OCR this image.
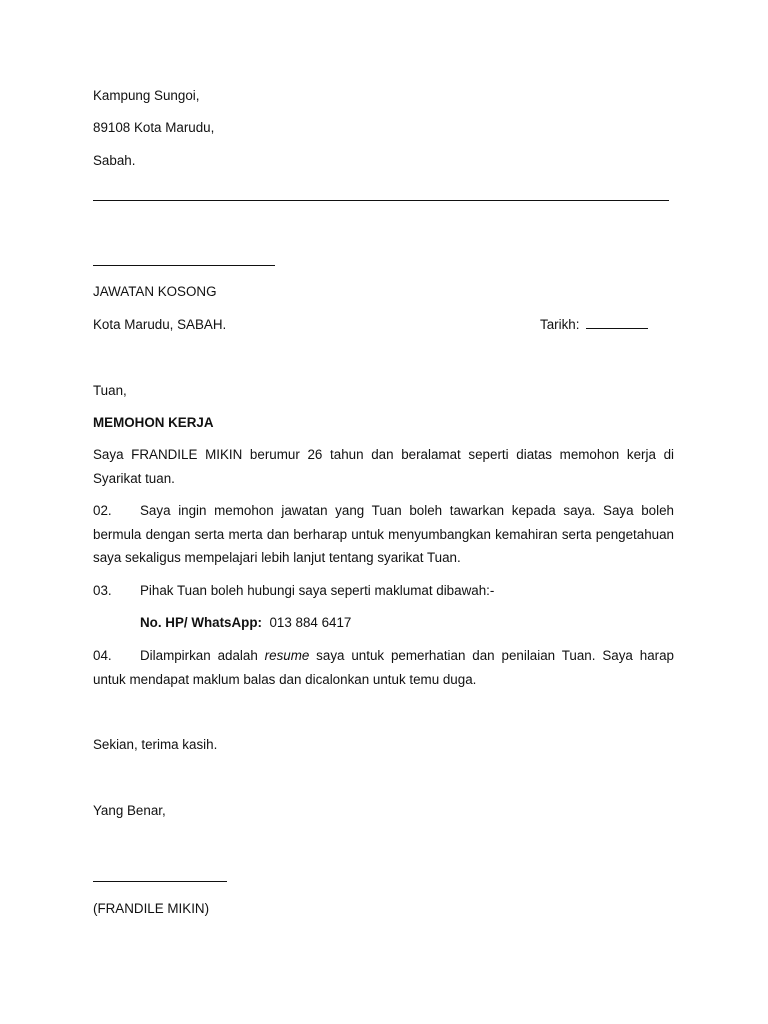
Kampung Sungoi,
89108 Kota Marudu,
Sabah.
JAWATAN KOSONG
Kota Marudu, SABAH.	Tarikh:
Tuan,
MEMOHON KERJA
Saya FRANDILE MIKIN berumur 26 tahun dan beralamat seperti diatas memohon kerja di Syarikat tuan.
02. Saya ingin memohon jawatan yang Tuan boleh tawarkan kepada saya. Saya boleh bermula dengan serta merta dan berharap untuk menyumbangkan kemahiran serta pengetahuan saya sekaligus mempelajari lebih lanjut tentang syarikat Tuan.
03. Pihak Tuan boleh hubungi saya seperti maklumat dibawah:-
No. HP/ WhatsApp: 013 884 6417
04. Dilampirkan adalah resume saya untuk pemerhatian dan penilaian Tuan. Saya harap untuk mendapat maklum balas dan dicalonkan untuk temu duga.
Sekian, terima kasih.
Yang Benar,
(FRANDILE MIKIN)
